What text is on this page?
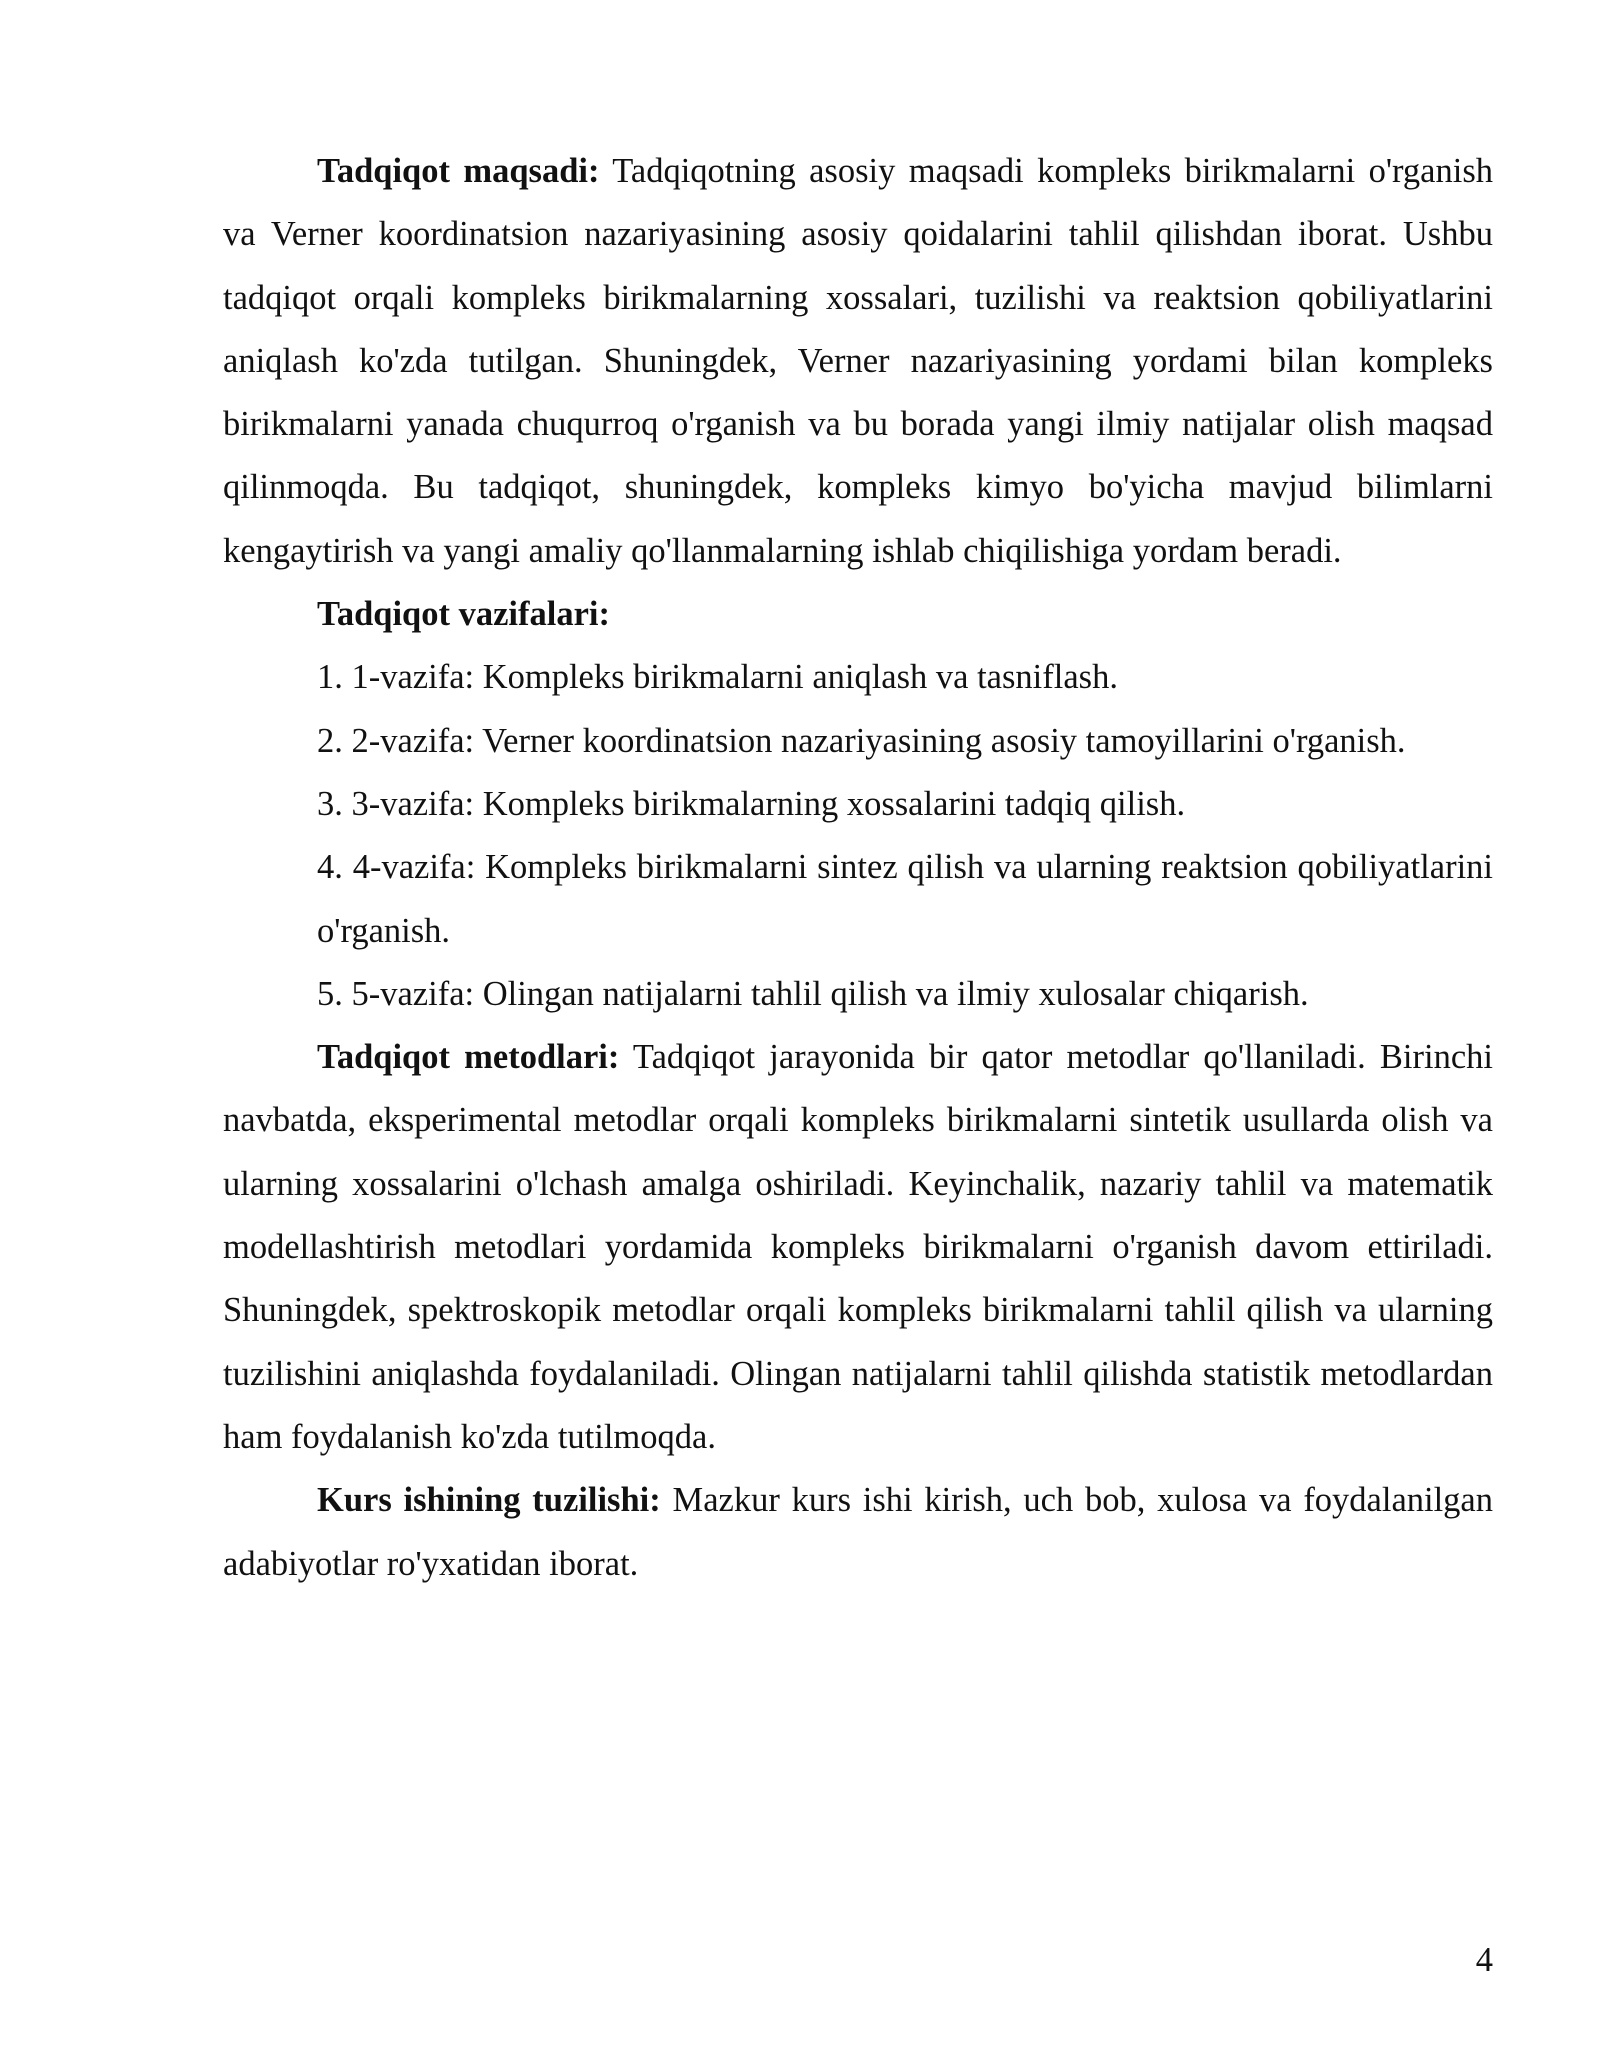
Tadqiqot maqsadi: Tadqiqotning asosiy maqsadi kompleks birikmalarni o'rganish va Verner koordinatsion nazariyasining asosiy qoidalarini tahlil qilishdan iborat. Ushbu tadqiqot orqali kompleks birikmalarning xossalari, tuzilishi va reaktsion qobiliyatlarini aniqlash ko'zda tutilgan. Shuningdek, Verner nazariyasining yordami bilan kompleks birikmalarni yanada chuqurroq o'rganish va bu borada yangi ilmiy natijalar olish maqsad qilinmoqda. Bu tadqiqot, shuningdek, kompleks kimyo bo'yicha mavjud bilimlarni kengaytirish va yangi amaliy qo'llanmalarning ishlab chiqilishiga yordam beradi.

Tadqiqot vazifalari:

1. 1-vazifa: Kompleks birikmalarni aniqlash va tasniflash.

2. 2-vazifa: Verner koordinatsion nazariyasining asosiy tamoyillarini o'rganish.

3. 3-vazifa: Kompleks birikmalarning xossalarini tadqiq qilish.

4. 4-vazifa: Kompleks birikmalarni sintez qilish va ularning reaktsion qobiliyatlarini o'rganish.

5. 5-vazifa: Olingan natijalarni tahlil qilish va ilmiy xulosalar chiqarish.

Tadqiqot metodlari: Tadqiqot jarayonida bir qator metodlar qo'llaniladi. Birinchi navbatda, eksperimental metodlar orqali kompleks birikmalarni sintetik usullarda olish va ularning xossalarini o'lchash amalga oshiriladi. Keyinchalik, nazariy tahlil va matematik modellashtirish metodlari yordamida kompleks birikmalarni o'rganish davom ettiriladi. Shuningdek, spektroskopik metodlar orqali kompleks birikmalarni tahlil qilish va ularning tuzilishini aniqlashda foydalaniladi. Olingan natijalarni tahlil qilishda statistik metodlardan ham foydalanish ko'zda tutilmoqda.

Kurs ishining tuzilishi: Mazkur kurs ishi kirish, uch bob, xulosa va foydalanilgan adabiyotlar ro'yxatidan iborat.

4
